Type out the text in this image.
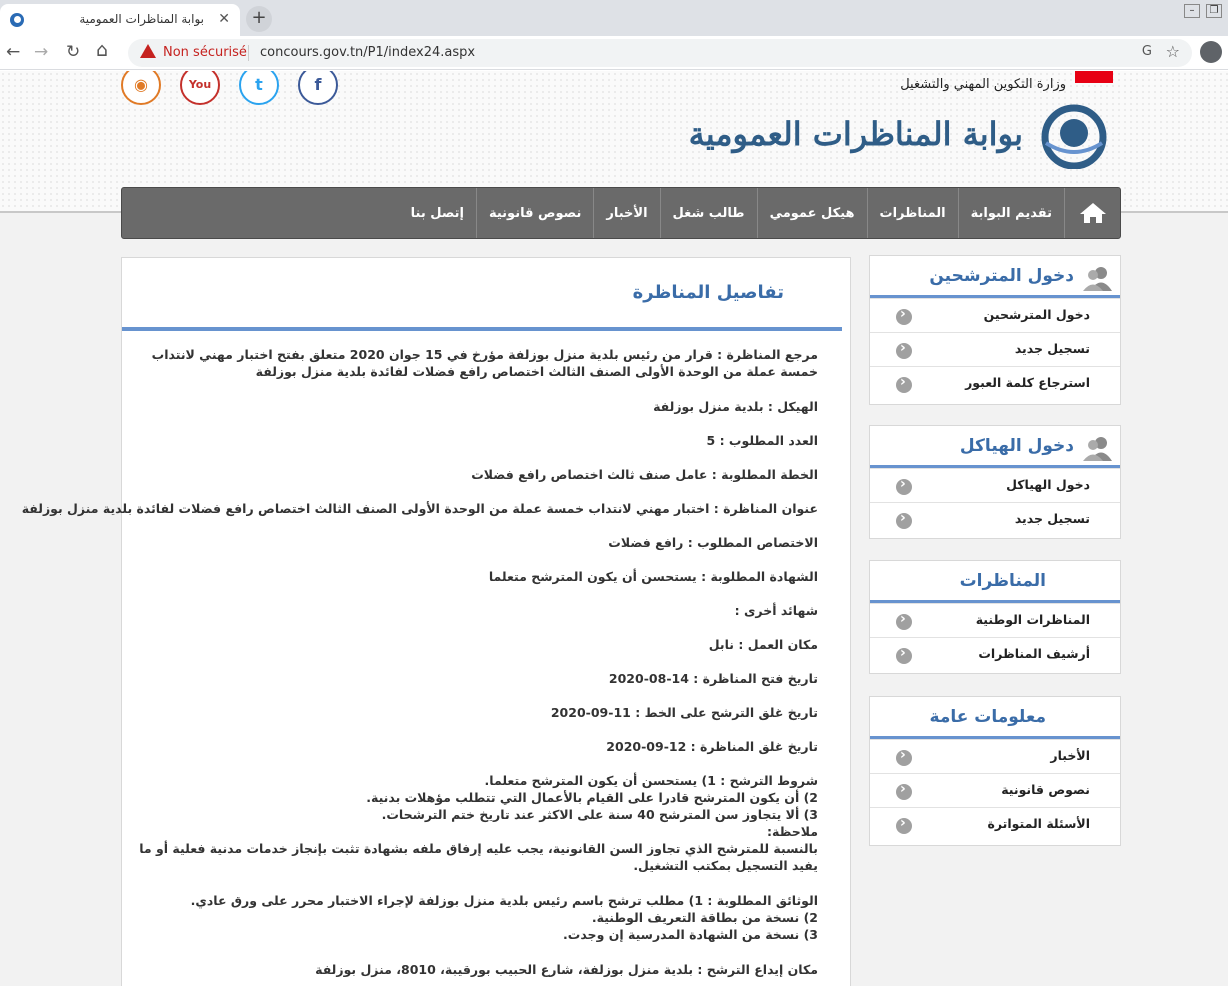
بوابة المناظرات العمومية ✕	+	– ❐
← → ↻ ⌂	Non sécurisé concours.gov.tn/P1/index24.aspx	G ☆
◉	You	t	f	وزارة التكوين المهني والتشغيل
بوابة المناظرات العمومية
تقديم البوابة
المناظرات
هيكل عمومي
طالب شغل
الأخبار
نصوص قانونية
إتصل بنا
دخول المترشحين
دخول المترشحين
‹
تسجيل جديد
‹
استرجاع كلمة العبور
‹
دخول الهياكل
دخول الهياكل
‹
تسجيل جديد
‹
المناظرات
المناظرات الوطنية
‹
أرشيف المناظرات
‹
معلومات عامة
الأخبار
‹
نصوص قانونية
‹
الأسئلة المتواترة
‹
تفاصيل المناظرة
مرجع المناظرة : قرار من رئيس بلدية منزل بوزلفة مؤرخ في 15 جوان 2020 متعلق بفتح اختبار مهني لانتداب خمسة عملة من الوحدة الأولى الصنف الثالث اختصاص رافع فضلات لفائدة بلدية منزل بوزلفة
الهيكل : بلدية منزل بوزلفة
العدد المطلوب : 5
الخطة المطلوبة : عامل صنف ثالث اختصاص رافع فضلات
عنوان المناظرة : اختبار مهني لانتداب خمسة عملة من الوحدة الأولى الصنف الثالث اختصاص رافع فضلات لفائدة بلدية منزل بوزلفة
الاختصاص المطلوب : رافع فضلات
الشهادة المطلوبة : يستحسن أن يكون المترشح متعلما
شهائد أخرى :
مكان العمل : نابل
تاريخ فتح المناظرة : 14-08-2020
تاريخ غلق الترشح على الخط : 11-09-2020
تاريخ غلق المناظرة : 12-09-2020
شروط الترشح : 1) يستحسن أن يكون المترشح متعلما.
2) أن يكون المترشح قادرا على القيام بالأعمال التي تتطلب مؤهلات بدنية.
3) ألا يتجاوز سن المترشح 40 سنة على الاكثر عند تاريخ ختم الترشحات.
ملاحظة:
بالنسبة للمترشح الذي تجاوز السن القانونية، يجب عليه إرفاق ملفه بشهادة تثبت بإنجاز خدمات مدنية فعلية أو ما يفيد التسجيل بمكتب التشغيل.
الوثائق المطلوبة : 1) مطلب ترشح باسم رئيس بلدية منزل بوزلفة لإجراء الاختبار محرر على ورق عادي.
2) نسخة من بطاقة التعريف الوطنية.
3) نسخة من الشهادة المدرسية إن وجدت.
مكان إيداع الترشح : بلدية منزل بوزلفة، شارع الحبيب بورقيبة، 8010، منزل بوزلفة
